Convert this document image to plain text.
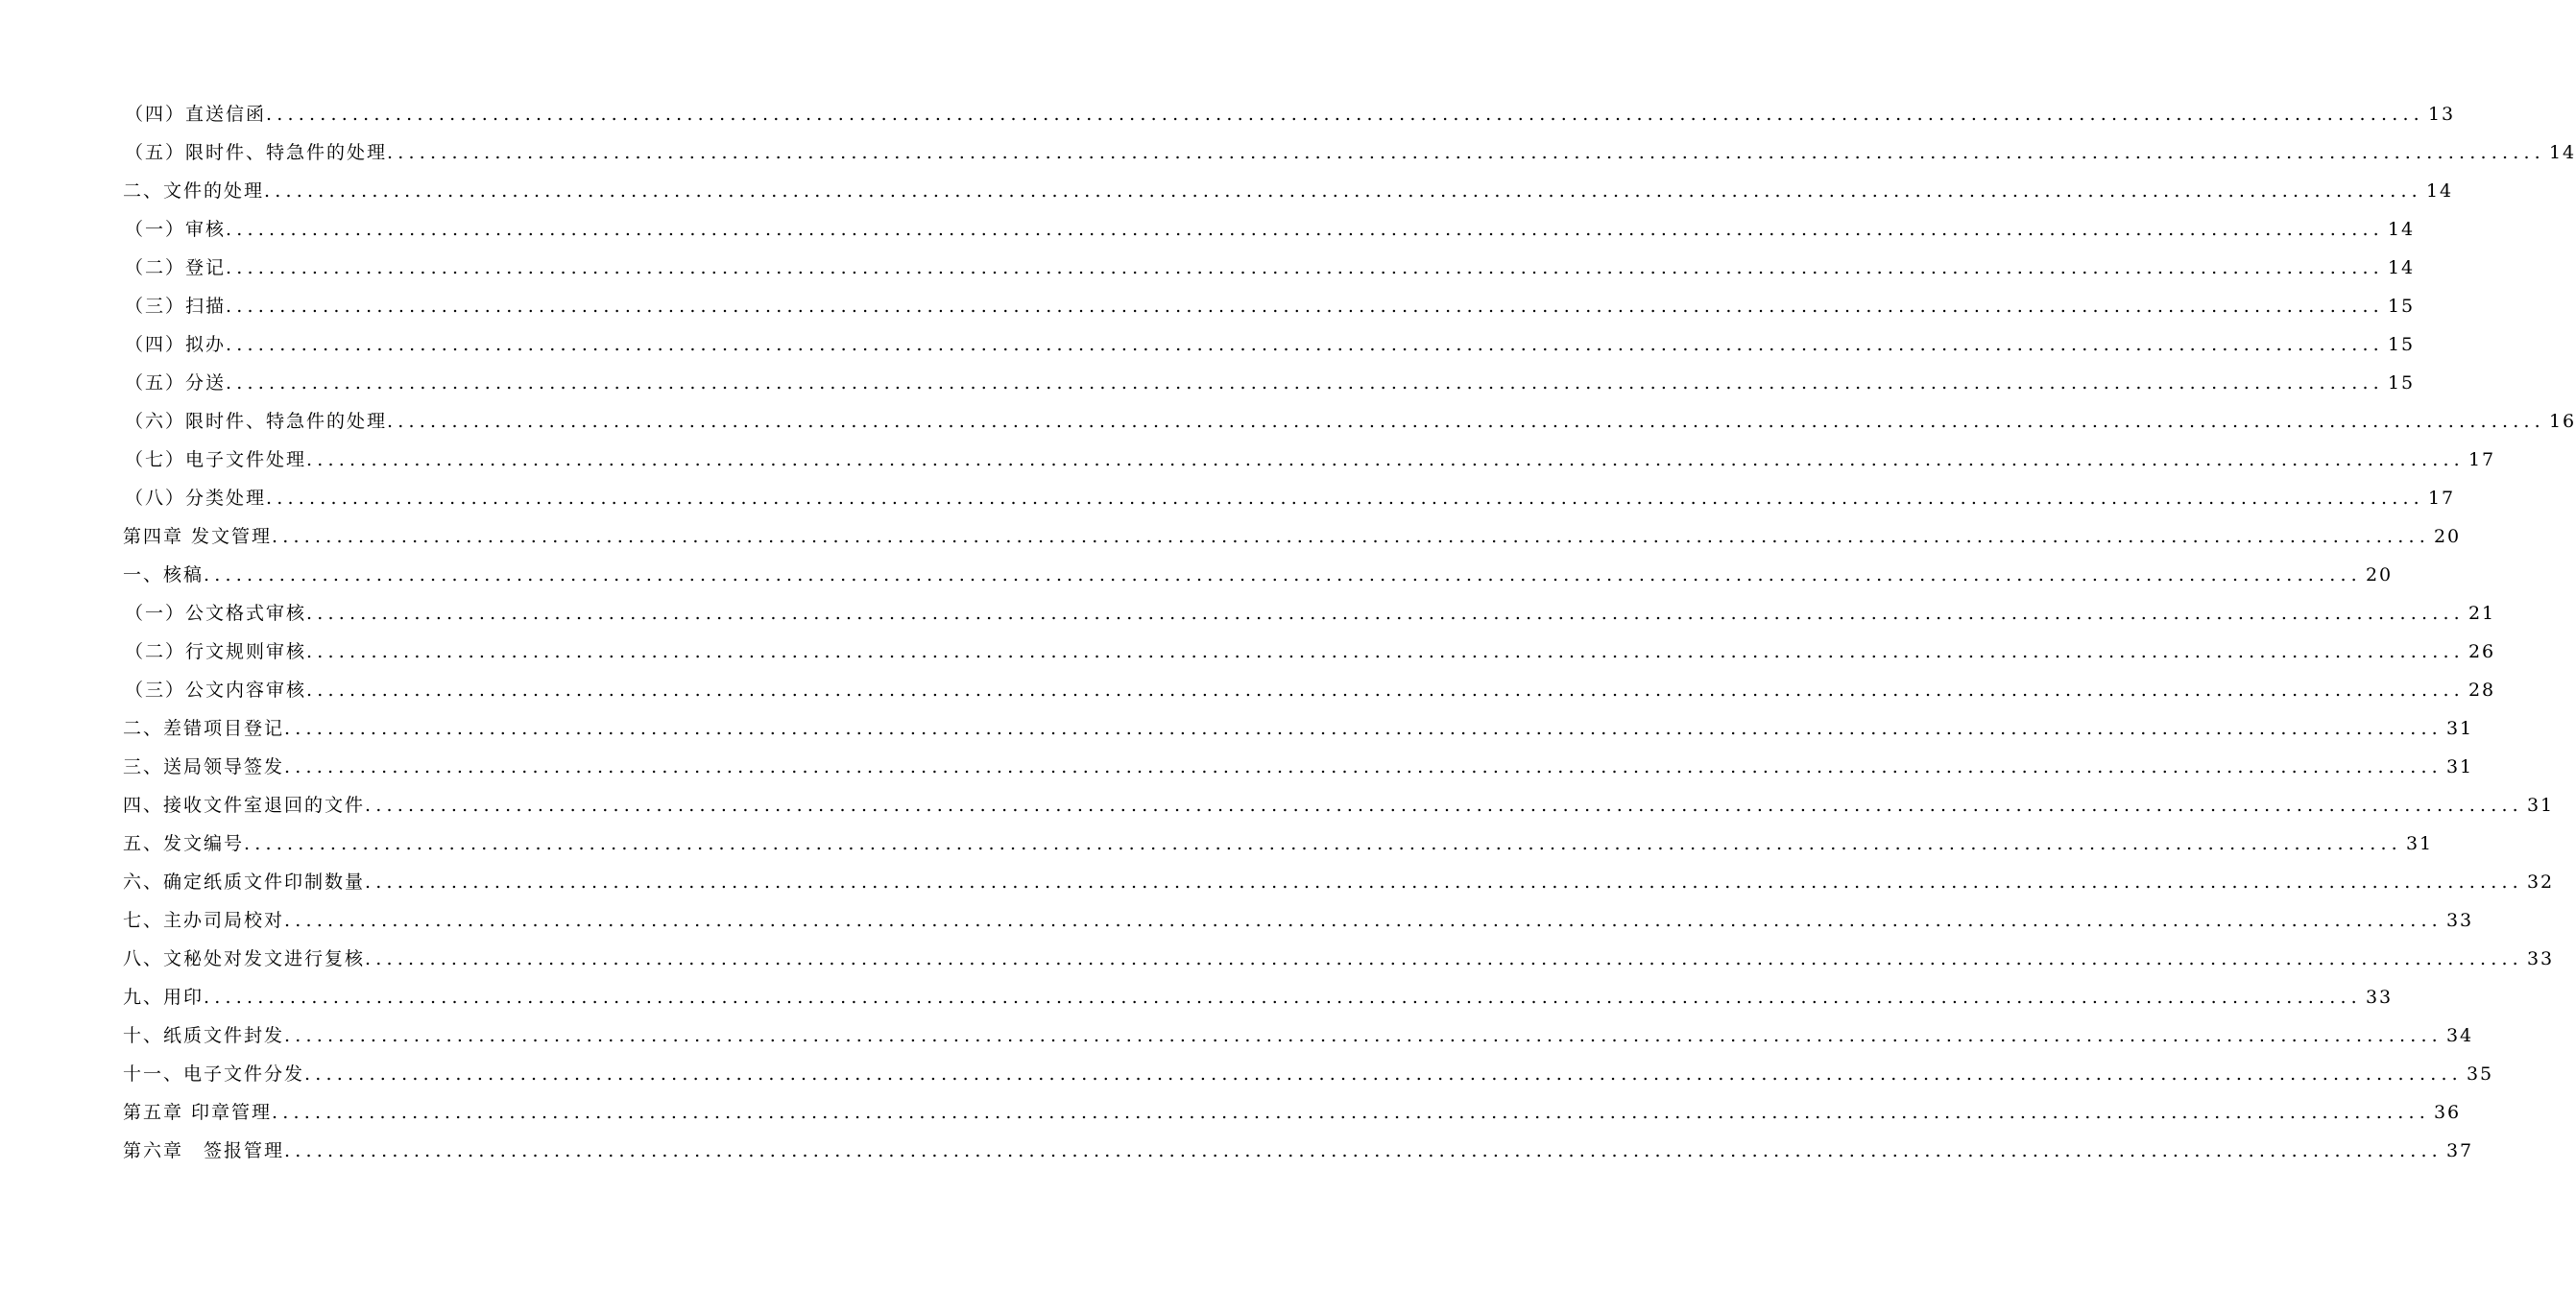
（四）直送信函 ........................................................................................................................................................................................................ 13
（五）限时件、特急件的处理 ........................................................................................................................................................................................................ 14
二、文件的处理 ........................................................................................................................................................................................................ 14
（一）审核 ........................................................................................................................................................................................................ 14
（二）登记 ........................................................................................................................................................................................................ 14
（三）扫描 ........................................................................................................................................................................................................ 15
（四）拟办 ........................................................................................................................................................................................................ 15
（五）分送 ........................................................................................................................................................................................................ 15
（六）限时件、特急件的处理 ........................................................................................................................................................................................................ 16
（七）电子文件处理 ........................................................................................................................................................................................................ 17
（八）分类处理 ........................................................................................................................................................................................................ 17
第四章 发文管理 ........................................................................................................................................................................................................ 20
一、核稿 ........................................................................................................................................................................................................ 20
（一）公文格式审核 ........................................................................................................................................................................................................ 21
（二）行文规则审核 ........................................................................................................................................................................................................ 26
（三）公文内容审核 ........................................................................................................................................................................................................ 28
二、差错项目登记 ........................................................................................................................................................................................................ 31
三、送局领导签发 ........................................................................................................................................................................................................ 31
四、接收文件室退回的文件 ........................................................................................................................................................................................................ 31
五、发文编号 ........................................................................................................................................................................................................ 31
六、确定纸质文件印制数量 ........................................................................................................................................................................................................ 32
七、主办司局校对 ........................................................................................................................................................................................................ 33
八、文秘处对发文进行复核 ........................................................................................................................................................................................................ 33
九、用印 ........................................................................................................................................................................................................ 33
十、纸质文件封发 ........................................................................................................................................................................................................ 34
十一、电子文件分发 ........................................................................................................................................................................................................ 35
第五章 印章管理 ........................................................................................................................................................................................................ 36
第六章　签报管理 ........................................................................................................................................................................................................ 37
